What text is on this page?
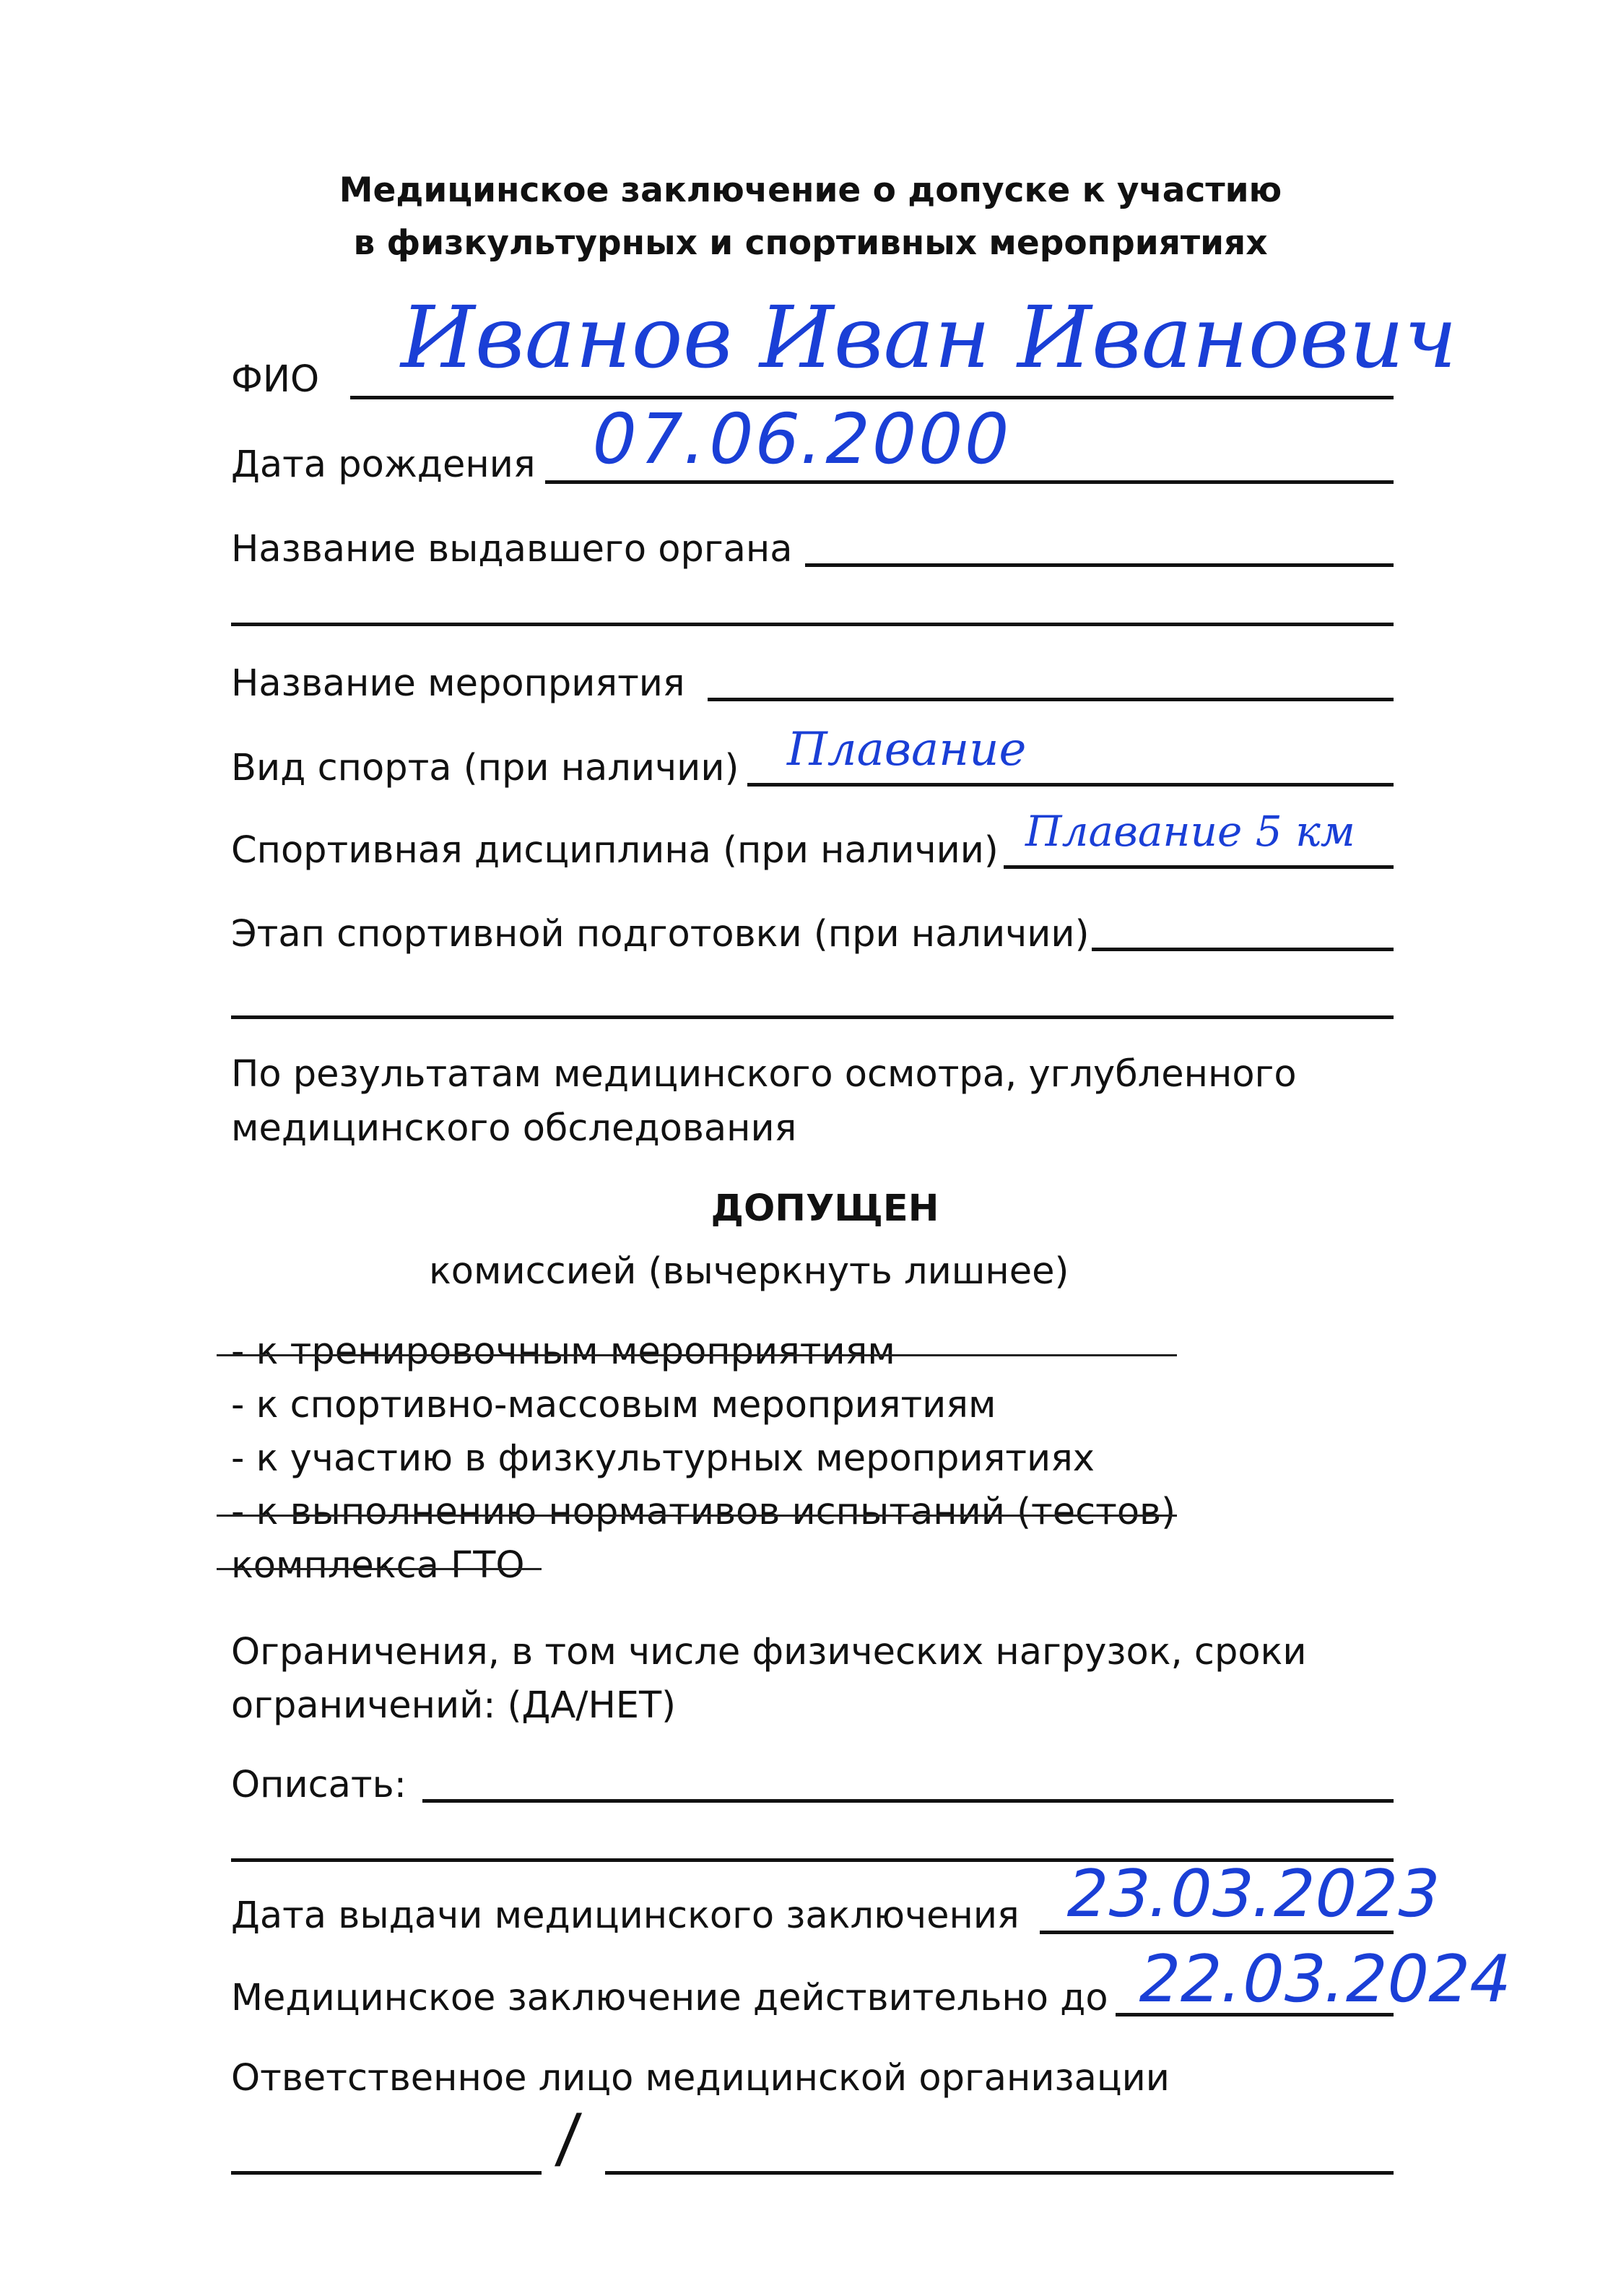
Медицинское заключение о допуске к участию
в физкультурных и спортивных мероприятиях
ФИО Иванов Иван Иванович
Дата рождения 07.06.2000
Название выдавшего органа
Название мероприятия
Вид спорта (при наличии) Плавание
Спортивная дисциплина (при наличии) Плавание 5 км
Этап спортивной подготовки (при наличии)
По результатам медицинского осмотра, углубленного
медицинского обследования
ДОПУЩЕН
комиссией (вычеркнуть лишнее)
- к тренировочным мероприятиям
- к спортивно-массовым мероприятиям
- к участию в физкультурных мероприятиях
- к выполнению нормативов испытаний (тестов)
комплекса ГТО
Ограничения, в том числе физических нагрузок, сроки
ограничений: (ДА/НЕТ)
Описать:
Дата выдачи медицинского заключения 23.03.2023
Медицинское заключение действительно до 22.03.2024
Ответственное лицо медицинской организации
/
